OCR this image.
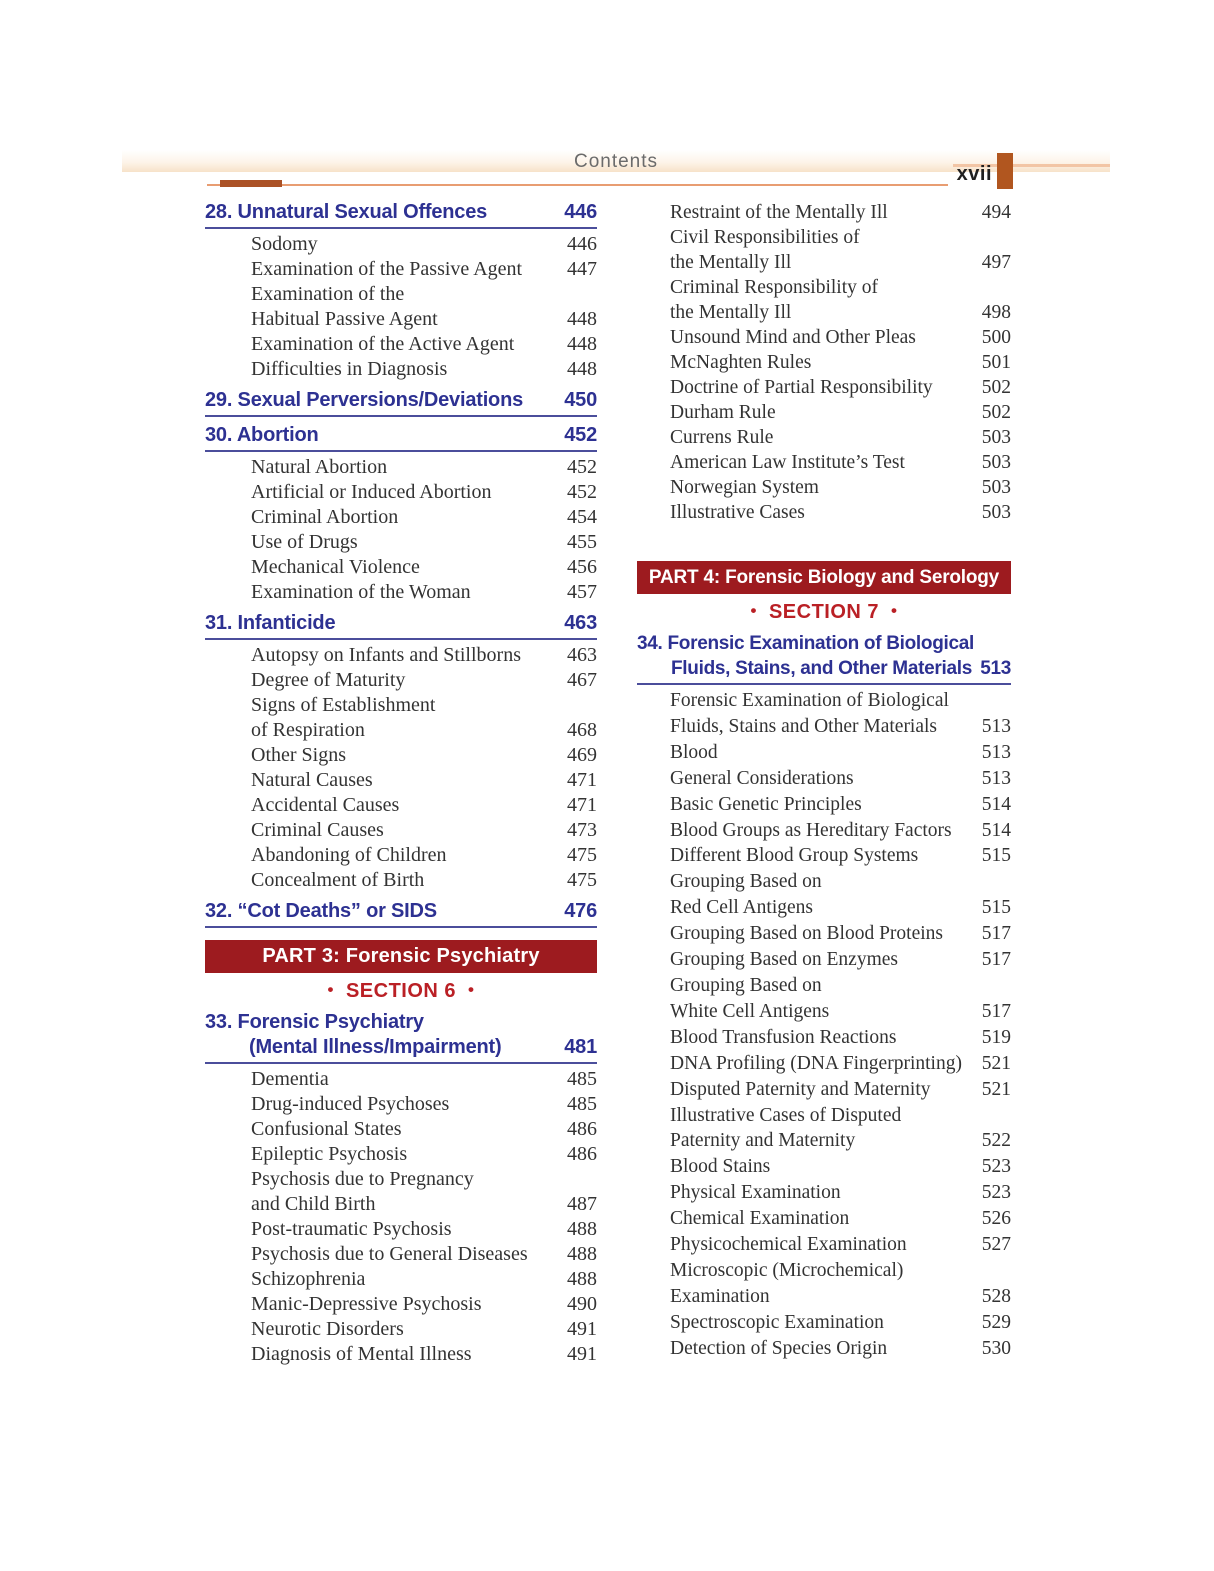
Contents
xvii
28. Unnatural Sexual Offences	446
Sodomy	446
Examination of the Passive Agent 447
Examination of the
Habitual Passive Agent	448
Examination of the Active Agent	448
Difficulties in Diagnosis	448
29. Sexual Perversions/Deviations 450
30. Abortion	452
Natural Abortion	452
Artificial or Induced Abortion	452
Criminal Abortion	454
Use of Drugs	455
Mechanical Violence	456
Examination of the Woman	457
31. Infanticide	463
Autopsy on Infants and Stillborns 463
Degree of Maturity	467
Signs of Establishment
of Respiration	468
Other Signs	469
Natural Causes	471
Accidental Causes	471
Criminal Causes	473
Abandoning of Children	475
Concealment of Birth	475
32. “Cot Deaths” or SIDS	476
PART 3: Forensic Psychiatry
• SECTION 6 •
33. Forensic Psychiatry
(Mental Illness/Impairment)	481
Dementia	485
Drug-induced Psychoses	485
Confusional States	486
Epileptic Psychosis	486
Psychosis due to Pregnancy
and Child Birth	487
Post-traumatic Psychosis	488
Psychosis due to General Diseases 488
Schizophrenia	488
Manic-Depressive Psychosis	490
Neurotic Disorders	491
Diagnosis of Mental Illness	491
Restraint of the Mentally Ill	494
Civil Responsibilities of
the Mentally Ill	497
Criminal Responsibility of
the Mentally Ill	498
Unsound Mind and Other Pleas	500
McNaghten Rules	501
Doctrine of Partial Responsibility	502
Durham Rule	502
Currens Rule	503
American Law Institute’s Test	503
Norwegian System	503
Illustrative Cases	503
PART 4: Forensic Biology and Serology
• SECTION 7 •
34. Forensic Examination of Biological
Fluids, Stains, and Other Materials 513
Forensic Examination of Biological
Fluids, Stains and Other Materials 513
Blood	513
General Considerations	513
Basic Genetic Principles	514
Blood Groups as Hereditary Factors 514
Different Blood Group Systems	515
Grouping Based on
Red Cell Antigens	515
Grouping Based on Blood Proteins 517
Grouping Based on Enzymes	517
Grouping Based on
White Cell Antigens	517
Blood Transfusion Reactions	519
DNA Profiling (DNA Fingerprinting) 521
Disputed Paternity and Maternity	521
Illustrative Cases of Disputed
Paternity and Maternity	522
Blood Stains	523
Physical Examination	523
Chemical Examination	526
Physicochemical Examination	527
Microscopic (Microchemical)
Examination	528
Spectroscopic Examination	529
Detection of Species Origin	530
